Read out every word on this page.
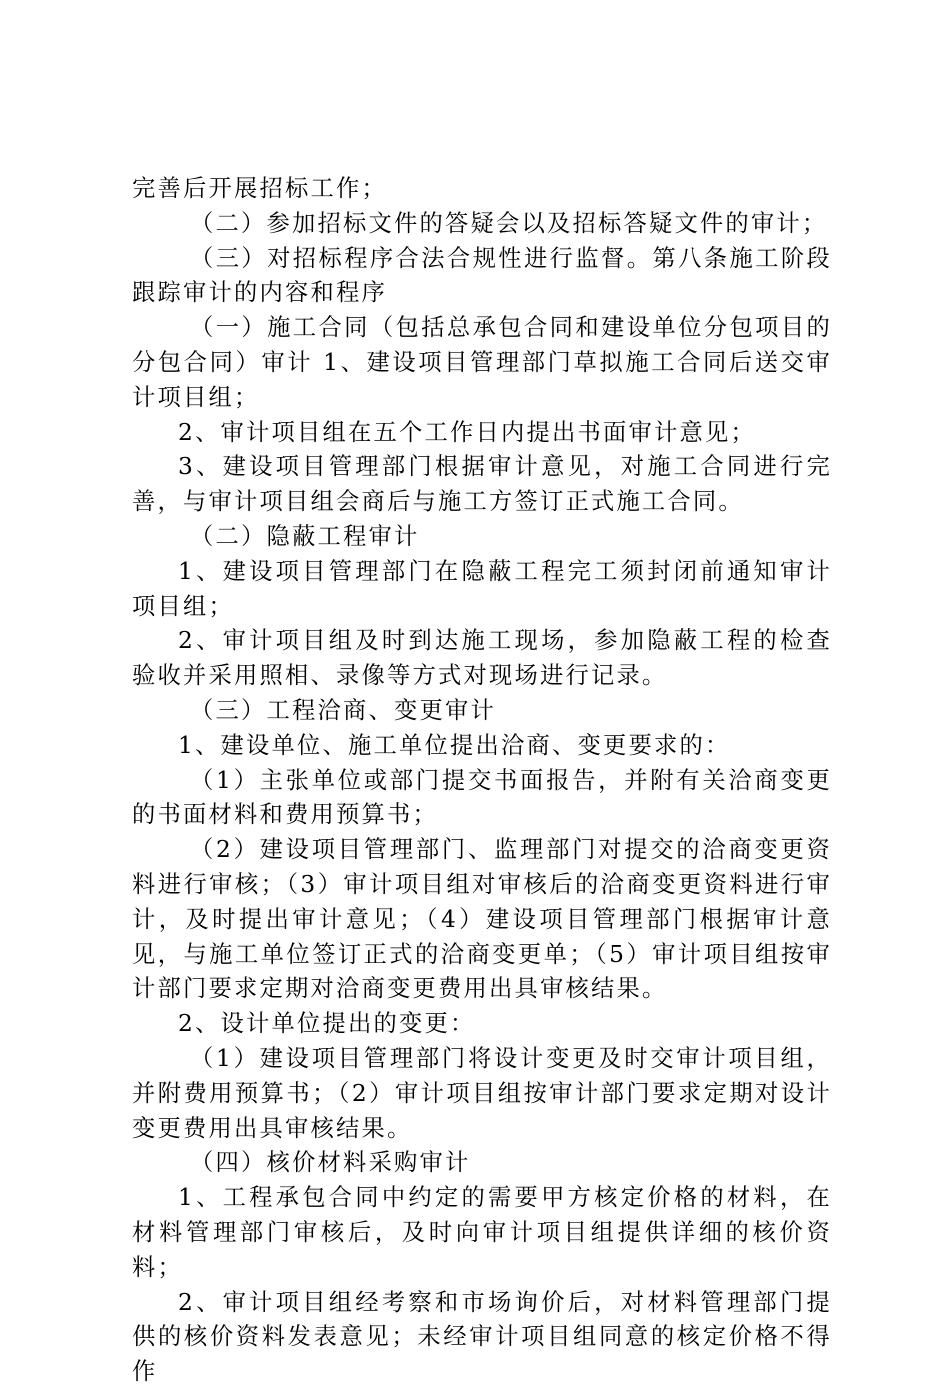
完善后开展招标工作；

（二）参加招标文件的答疑会以及招标答疑文件的审计；

（三）对招标程序合法合规性进行监督。第八条施工阶段跟踪审计的内容和程序

（一）施工合同（包括总承包合同和建设单位分包项目的分包合同）审计 1、建设项目管理部门草拟施工合同后送交审计项目组；

2、审计项目组在五个工作日内提出书面审计意见；

3、建设项目管理部门根据审计意见，对施工合同进行完善，与审计项目组会商后与施工方签订正式施工合同。

（二）隐蔽工程审计

1、建设项目管理部门在隐蔽工程完工须封闭前通知审计项目组；

2、审计项目组及时到达施工现场，参加隐蔽工程的检查验收并采用照相、录像等方式对现场进行记录。

（三）工程洽商、变更审计

1、建设单位、施工单位提出洽商、变更要求的：

（1）主张单位或部门提交书面报告，并附有关洽商变更的书面材料和费用预算书；

（2）建设项目管理部门、监理部门对提交的洽商变更资料进行审核；（3）审计项目组对审核后的洽商变更资料进行审计，及时提出审计意见；（4）建设项目管理部门根据审计意见，与施工单位签订正式的洽商变更单；（5）审计项目组按审计部门要求定期对洽商变更费用出具审核结果。

2、设计单位提出的变更：

（1）建设项目管理部门将设计变更及时交审计项目组，并附费用预算书；（2）审计项目组按审计部门要求定期对设计变更费用出具审核结果。

（四）核价材料采购审计

1、工程承包合同中约定的需要甲方核定价格的材料，在材料管理部门审核后，及时向审计项目组提供详细的核价资料；

2、审计项目组经考察和市场询价后，对材料管理部门提供的核价资料发表意见；未经审计项目组同意的核定价格不得作
